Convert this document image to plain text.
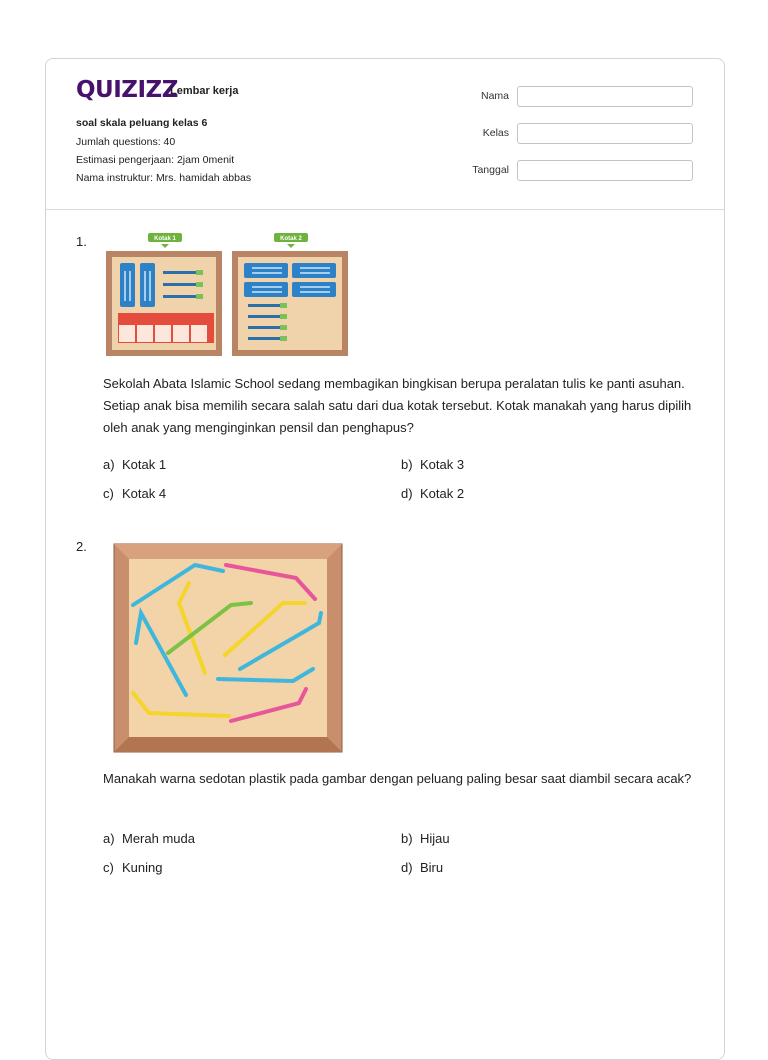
QUIZIZZ
Lembar kerja
soal skala peluang kelas 6
Jumlah questions: 40
Estimasi pengerjaan: 2jam 0menit
Nama instruktur: Mrs. hamidah abbas
Nama
Kelas
Tanggal
1.	Kotak 1	Kotak 2
Sekolah Abata Islamic School sedang membagikan bingkisan berupa peralatan tulis ke panti asuhan. Setiap anak bisa memilih secara salah satu dari dua kotak tersebut. Kotak manakah yang harus dipilih oleh anak yang menginginkan pensil dan penghapus?
a) Kotak 1	b) Kotak 3
c) Kotak 4	d) Kotak 2
2.
Manakah warna sedotan plastik pada gambar dengan peluang paling besar saat diambil secara acak?
a) Merah muda	b) Hijau
c) Kuning	d) Biru
